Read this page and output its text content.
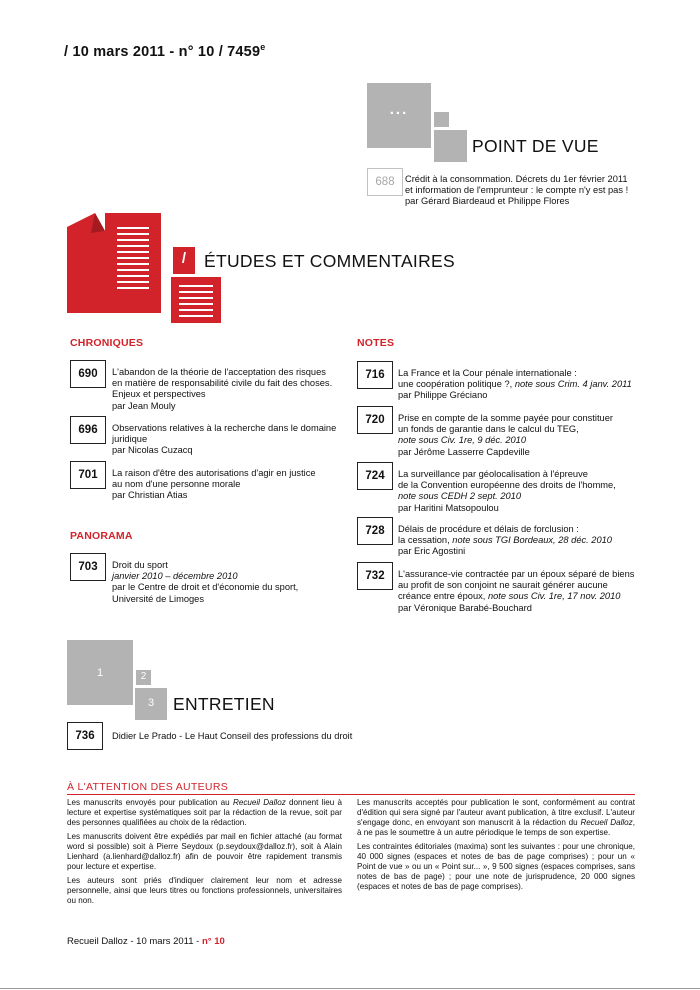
/ 10 mars 2011 - n° 10 / 7459e
...
POINT DE VUE
688	Crédit à la consommation. Décrets du 1er février 2011
et information de l'emprunteur : le compte n'y est pas !
par Gérard Biardeaud et Philippe Flores
/	ÉTUDES ET COMMENTAIRES
CHRONIQUES
690	L'abandon de la théorie de l'acceptation des risques
en matière de responsabilité civile du fait des choses.
Enjeux et perspectives
par Jean Mouly
696	Observations relatives à la recherche dans le domaine
juridique
par Nicolas Cuzacq
701	La raison d'être des autorisations d'agir en justice
au nom d'une personne morale
par Christian Atias
PANORAMA
703	Droit du sport
janvier 2010 – décembre 2010
par le Centre de droit et d'économie du sport,
Université de Limoges
NOTES
716	La France et la Cour pénale internationale :
une coopération politique ?, note sous Crim. 4 janv. 2011
par Philippe Gréciano
720	Prise en compte de la somme payée pour constituer
un fonds de garantie dans le calcul du TEG,
note sous Civ. 1re, 9 déc. 2010
par Jérôme Lasserre Capdeville
724	La surveillance par géolocalisation à l'épreuve
de la Convention européenne des droits de l'homme,
note sous CEDH 2 sept. 2010
par Haritini Matsopoulou
728	Délais de procédure et délais de forclusion :
la cessation, note sous TGI Bordeaux, 28 déc. 2010
par Eric Agostini
732	L'assurance-vie contractée par un époux séparé de biens
au profit de son conjoint ne saurait générer aucune
créance entre époux, note sous Civ. 1re, 17 nov. 2010
par Véronique Barabé-Bouchard
1	2
3	ENTRETIEN
736	Didier Le Prado - Le Haut Conseil des professions du droit
À L'ATTENTION DES AUTEURS

Les manuscrits envoyés pour publication au Recueil Dalloz donnent lieu à lecture et expertise systématiques soit par la rédaction de la revue, soit par des personnes qualifiées au choix de la rédaction.

Les manuscrits doivent être expédiés par mail en fichier attaché (au format word si possible) soit à Pierre Seydoux (p.seydoux@dalloz.fr), soit à Alain Lienhard (a.lienhard@dalloz.fr) afin de pouvoir être rapidement transmis pour lecture et expertise.

Les auteurs sont priés d'indiquer clairement leur nom et adresse personnelle, ainsi que leurs titres ou fonctions professionnels, universitaires ou non.

Les manuscrits acceptés pour publication le sont, conformément au contrat d'édition qui sera signé par l'auteur avant publication, à titre exclusif. L'auteur s'engage donc, en envoyant son manuscrit à la rédaction du Recueil Dalloz, à ne pas le soumettre à un autre périodique le temps de son expertise.

Les contraintes éditoriales (maxima) sont les suivantes : pour une chronique, 40 000 signes (espaces et notes de bas de page comprises) ; pour un « Point de vue » ou un « Point sur... », 9 500 signes (espaces comprises, sans notes de bas de page) ; pour une note de jurisprudence, 20 000 signes (espaces et notes de bas de page comprises).

Recueil Dalloz - 10 mars 2011 - n° 10
